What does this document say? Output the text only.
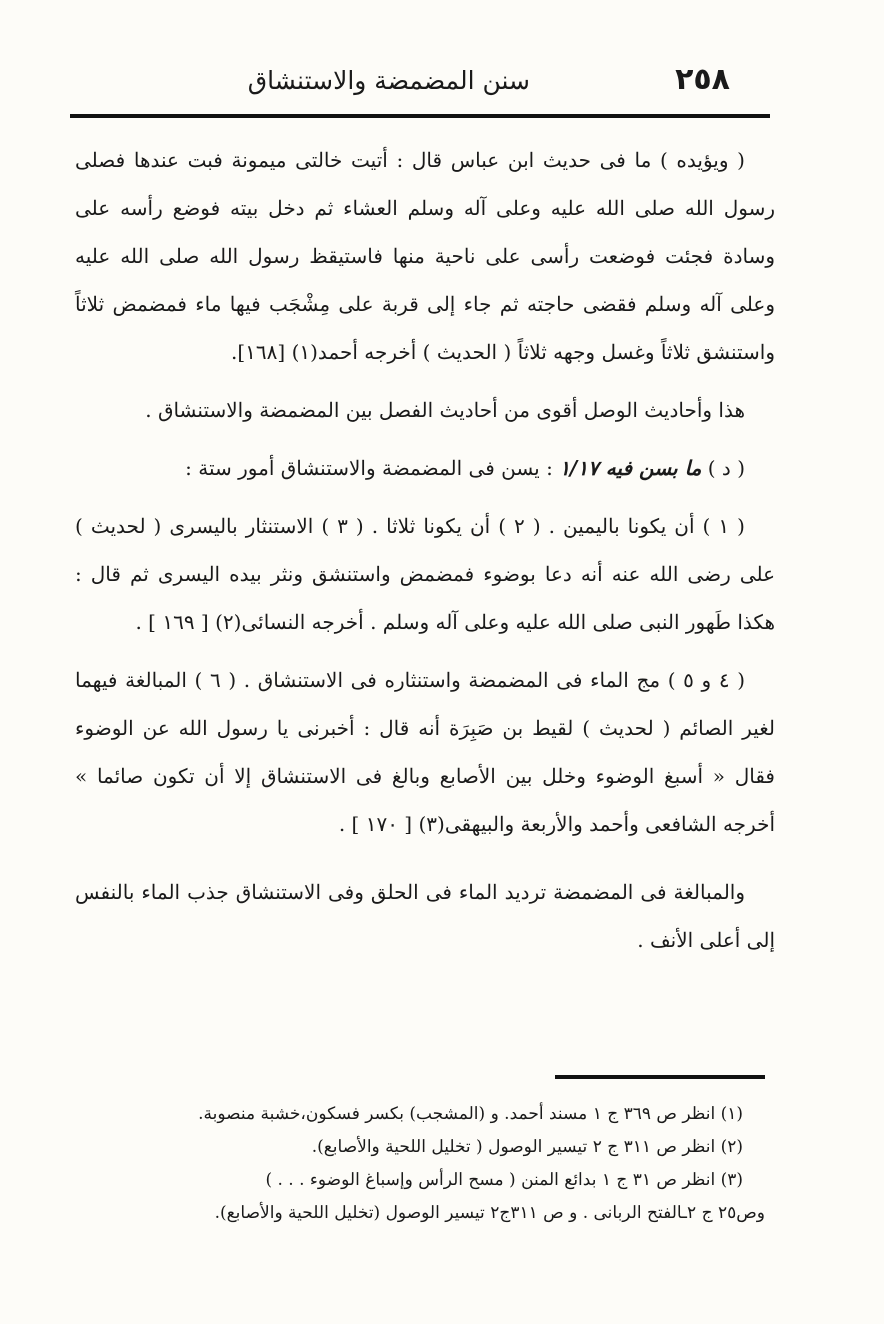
٢٥٨
سنن المضمضة والاستنشاق

( ويؤيده ) ما فى حديث ابن عباس قال : أتيت خالتى ميمونة فبت عندها فصلى رسول الله صلى الله عليه وعلى آله وسلم العشاء ثم دخل بيته فوضع رأسه على وسادة فجئت فوضعت رأسى على ناحية منها فاستيقظ رسول الله صلى الله عليه وعلى آله وسلم فقضى حاجته ثم جاء إلى قربة على مِشْجَب فيها ماء فمضمض ثلاثاً واستنشق ثلاثاً وغسل وجهه ثلاثاً ( الحديث ) أخرجه أحمد(١) [١٦٨].

هذا وأحاديث الوصل أقوى من أحاديث الفصل بين المضمضة والاستنشاق .

( د ) ما بسن فيه ١/١٧ : يسن فى المضمضة والاستنشاق أمور ستة :

( ١ ) أن يكونا باليمين . ( ٢ ) أن يكونا ثلاثا . ( ٣ ) الاستنثار باليسرى ( لحديث ) على رضى الله عنه أنه دعا بوضوء فمضمض واستنشق ونثر بيده اليسرى ثم قال : هكذا طَهور النبى صلى الله عليه وعلى آله وسلم . أخرجه النسائى(٢) [ ١٦٩ ] .

( ٤ و ٥ ) مج الماء فى المضمضة واستنثاره فى الاستنشاق . ( ٦ ) المبالغة فيهما لغير الصائم ( لحديث ) لقيط بن صَبِرَة أنه قال : أخبرنى يا رسول الله عن الوضوء فقال « أسبغ الوضوء وخلل بين الأصابع وبالغ فى الاستنشاق إلا أن تكون صائما » أخرجه الشافعى وأحمد والأربعة والبيهقى(٣) [ ١٧٠ ] .

والمبالغة فى المضمضة ترديد الماء فى الحلق وفى الاستنشاق جذب الماء بالنفس إلى أعلى الأنف .

(١) انظر ص ٣٦٩ ج ١ مسند أحمد. و (المشجب) بكسر فسكون،خشبة منصوبة.

(٢) انظر ص ٣١١ ج ٢ تيسير الوصول ( تخليل اللحية والأصابع).

(٣) انظر ص ٣١ ج ١ بدائع المنن ( مسح الرأس وإسباغ الوضوء . . . )

وص٢٥ ج ٢ـالفتح الربانى . و ص ٣١١ج٢ تيسير الوصول (تخليل اللحية والأصابع).
